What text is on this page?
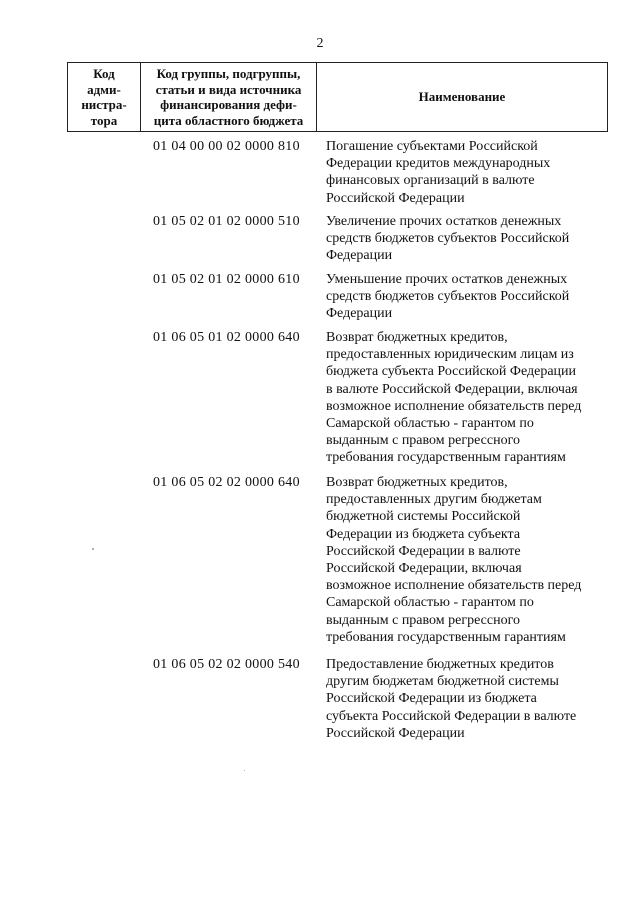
2
Код
адми-
нистра-
тора
Код группы, подгруппы,
статьи и вида источника
финансирования дефи-
цита областного бюджета
Наименование
01 04 00 00 02 0000 810 Погашение субъектами Российской
Федерации кредитов международных
финансовых организаций в валюте
Российской Федерации
01 05 02 01 02 0000 510 Увеличение прочих остатков денежных
средств бюджетов субъектов Российской
Федерации
01 05 02 01 02 0000 610 Уменьшение прочих остатков денежных
средств бюджетов субъектов Российской
Федерации
01 06 05 01 02 0000 640 Возврат бюджетных кредитов,
предоставленных юридическим лицам из
бюджета субъекта Российской Федерации
в валюте Российской Федерации, включая
возможное исполнение обязательств перед
Самарской областью - гарантом по
выданным с правом регрессного
требования государственным гарантиям
01 06 05 02 02 0000 640 Возврат бюджетных кредитов,
предоставленных другим бюджетам
бюджетной системы Российской
Федерации из бюджета субъекта
Российской Федерации в валюте
Российской Федерации, включая
возможное исполнение обязательств перед
Самарской областью - гарантом по
выданным с правом регрессного
требования государственным гарантиям
01 06 05 02 02 0000 540 Предоставление бюджетных кредитов
другим бюджетам бюджетной системы
Российской Федерации из бюджета
субъекта Российской Федерации в валюте
Российской Федерации
